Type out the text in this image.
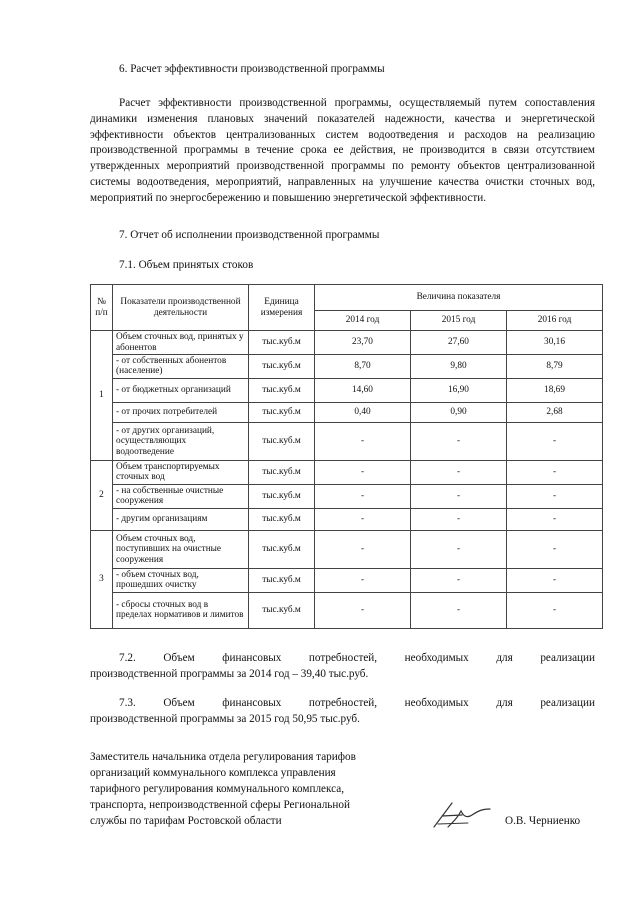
6. Расчет эффективности производственной программы
Расчет эффективности производственной программы, осуществляемый путем сопоставления динамики изменения плановых значений показателей надежности, качества и энергетической эффективности объектов централизованных систем водоотведения и расходов на реализацию производственной программы в течение срока ее действия, не производится в связи отсутствием утвержденных мероприятий производственной программы по ремонту объектов централизованной системы водоотведения, мероприятий, направленных на улучшение качества очистки сточных вод, мероприятий по энергосбережению и повышению энергетической эффективности.
7. Отчет об исполнении производственной программы
7.1. Объем принятых стоков
№ п/п	Показатели производственной деятельности	Единица измерения	Величина показателя		
			2014 год	2015 год	2016 год
1	Объем сточных вод, принятых у абонентов	тыс.куб.м	23,70	27,60	30,16
	- от собственных абонентов (население)	тыс.куб.м	8,70	9,80	8,79
	- от бюджетных организаций	тыс.куб.м	14,60	16,90	18,69
	- от прочих потребителей	тыс.куб.м	0,40	0,90	2,68
	- от других организаций, осуществляющих водоотведение	тыс.куб.м	-	-	-
2	Объем транспортируемых сточных вод	тыс.куб.м	-	-	-
	- на собственные очистные сооружения	тыс.куб.м	-	-	-
	- другим организациям	тыс.куб.м	-	-	-
3	Объем сточных вод, поступивших на очистные сооружения	тыс.куб.м	-	-	-
	- объем сточных вод, прошедших очистку	тыс.куб.м	-	-	-
	- сбросы сточных вод в пределах нормативов и лимитов	тыс.куб.м	-	-	-
7.2. Объем финансовых потребностей, необходимых для реализации
производственной программы за 2014 год – 39,40 тыс.руб.
7.3. Объем финансовых потребностей, необходимых для реализации
производственной программы за 2015 год 50,95 тыс.руб.
Заместитель начальника отдела регулирования тарифов
организаций коммунального комплекса управления
тарифного регулирования коммунального комплекса,
транспорта, непроизводственной сферы Региональной
службы по тарифам Ростовской области	О.В. Черниенко
